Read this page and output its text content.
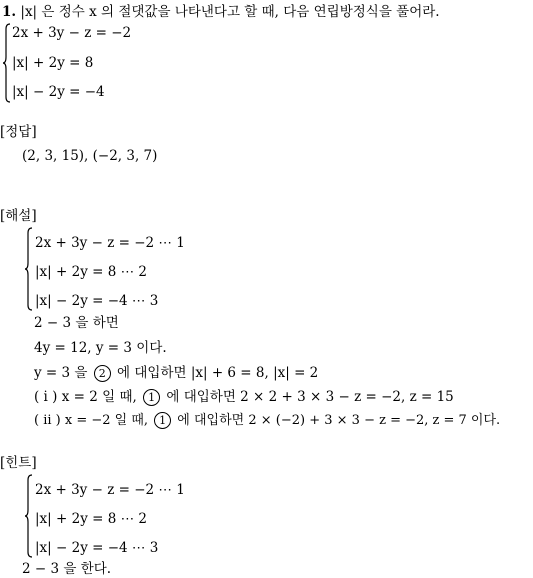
1. |x| 은 정수 x 의 절댓값을 나타낸다고 할 때, 다음 연립방정식을 풀어라.
2x + 3y − z = −2
|x| + 2y = 8
|x| − 2y = −4
[정답]
(2, 3, 15), (−2, 3, 7)
[해설]
2x + 3y − z = −2 ⋯ 1
|x| + 2y = 8 ⋯ 2
|x| − 2y = −4 ⋯ 3
2 − 3 을 하면
4y = 12, y = 3 이다.
y = 3 을 2 에 대입하면 |x| + 6 = 8, |x| = 2
( i ) x = 2 일 때, 1 에 대입하면 2 × 2 + 3 × 3 − z = −2, z = 15
( ii ) x = −2 일 때, 1 에 대입하면 2 × (−2) + 3 × 3 − z = −2, z = 7 이다.
[힌트]
2x + 3y − z = −2 ⋯ 1
|x| + 2y = 8 ⋯ 2
|x| − 2y = −4 ⋯ 3
2 − 3 을 한다.
